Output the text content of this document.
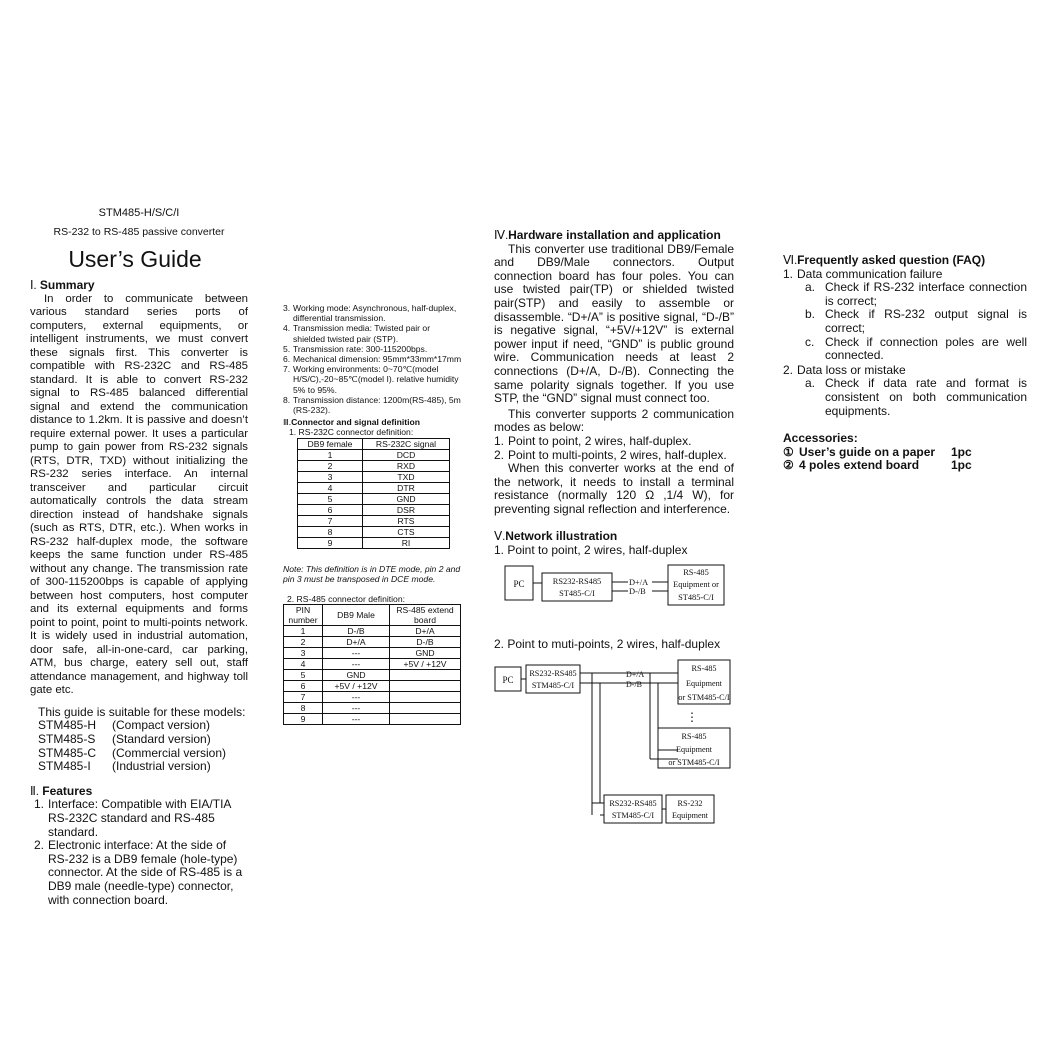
STM485-H/S/C/I
RS-232 to RS-485 passive converter
User’s Guide
Ⅰ. Summary

In order to communicate between various standard series ports of computers, external equipments, or intelligent instruments, we must convert these signals first. This converter is compatible with RS-232C and RS-485 standard. It is able to convert RS-232 signal to RS-485 balanced differential signal and extend the communication distance to 1.2km. It is passive and doesn’t require external power. It uses a particular pump to gain power from RS-232 signals (RTS, DTR, TXD) without initializing the RS-232 series interface. An internal transceiver and particular circuit automatically controls the data stream direction instead of handshake signals (such as RTS, DTR, etc.). When works in RS-232 half-duplex mode, the software keeps the same function under RS-485 without any change. The transmission rate of 300-115200bps is capable of applying between host computers, host computer and its external equipments and forms point to point, point to multi-points network. It is widely used in industrial automation, door safe, all-in-one-card, car parking, ATM, bus charge, eatery sell out, staff attendance management, and highway toll gate etc.

This guide is suitable for these models:

STM485-H	(Compact version)
STM485-S	(Standard version)
STM485-C	(Commercial version)
STM485-I	(Industrial version)
Ⅱ. Features
1. Interface: Compatible with EIA/TIA RS-232C standard and RS-485 standard.
2. Electronic interface: At the side of RS-232 is a DB9 female (hole-type) connector. At the side of RS-485 is a DB9 male (needle-type) connector, with connection board.
3. Working mode: Asynchronous, half-duplex, differential transmission.
4. Transmission media: Twisted pair or shielded twisted pair (STP).
5. Transmission rate: 300-115200bps.
6. Mechanical dimension: 95mm*33mm*17mm
7. Working environments: 0~70℃(model H/S/C),-20~85℃(model I). relative humidity 5% to 95%.
8. Transmission distance: 1200m(RS-485), 5m (RS-232).
Ⅲ.Connector and signal definition
1. RS-232C connector definition:
DB9 female	RS-232C signal
1	DCD
2	RXD
3	TXD
4	DTR
5	GND
6	DSR
7	RTS
8	CTS
9	RI

Note: This definition is in DTE mode, pin 2 and pin 3 must be transposed in DCE mode.

2. RS-485 connector definition:
PIN number	DB9 Male	RS-485 extend board
1	D-/B	D+/A
2	D+/A	D-/B
3	---	GND
4	---	+5V / +12V
5	GND	
6	+5V / +12V	
7	---	
8	---	
9	---	
Ⅳ.Hardware installation and application

This converter use traditional DB9/Female and DB9/Male connectors. Output connection board has four poles. You can use twisted pair(TP) or shielded twisted pair(STP) and easily to assemble or disassemble. “D+/A” is positive signal, “D-/B” is negative signal, “+5V/+12V” is external power input if need, “GND” is public ground wire. Communication needs at least 2 connections (D+/A, D-/B). Connecting the same polarity signals together. If you use STP, the “GND” signal must connect too.

This converter supports 2 communication modes as below:

1. Point to point, 2 wires, half-duplex.
2. Point to multi-points, 2 wires, half-duplex.

When this converter works at the end of the network, it needs to install a terminal resistance (normally 120 Ω ,1/4 W), for preventing signal reflection and interference.

Ⅴ.Network illustration
1. Point to point, 2 wires, half-duplex
PC	RS232-RS485
ST485-C/I
D+/A
D-/B
RS-485
Equipment or
ST485-C/I
2. Point to muti-points, 2 wires, half-duplex
PC
RS232-RS485
STM485-C/I
D+/A
D-/B
RS-485
Equipment
or STM485-C/I
⋮
RS-485
Equipment
or STM485-C/I
RS232-RS485
STM485-C/I
RS-232
Equipment
Ⅵ.Frequently asked question (FAQ)
1. Data communication failure
a. Check if RS-232 interface connection is correct;
b. Check if RS-232 output signal is correct;
c. Check if connection poles are well connected.
2. Data loss or mistake
a. Check if data rate and format is consistent on both communication equipments.
Accessories:
① User’s guide on a paper	1pc
② 4 poles extend board	1pc
